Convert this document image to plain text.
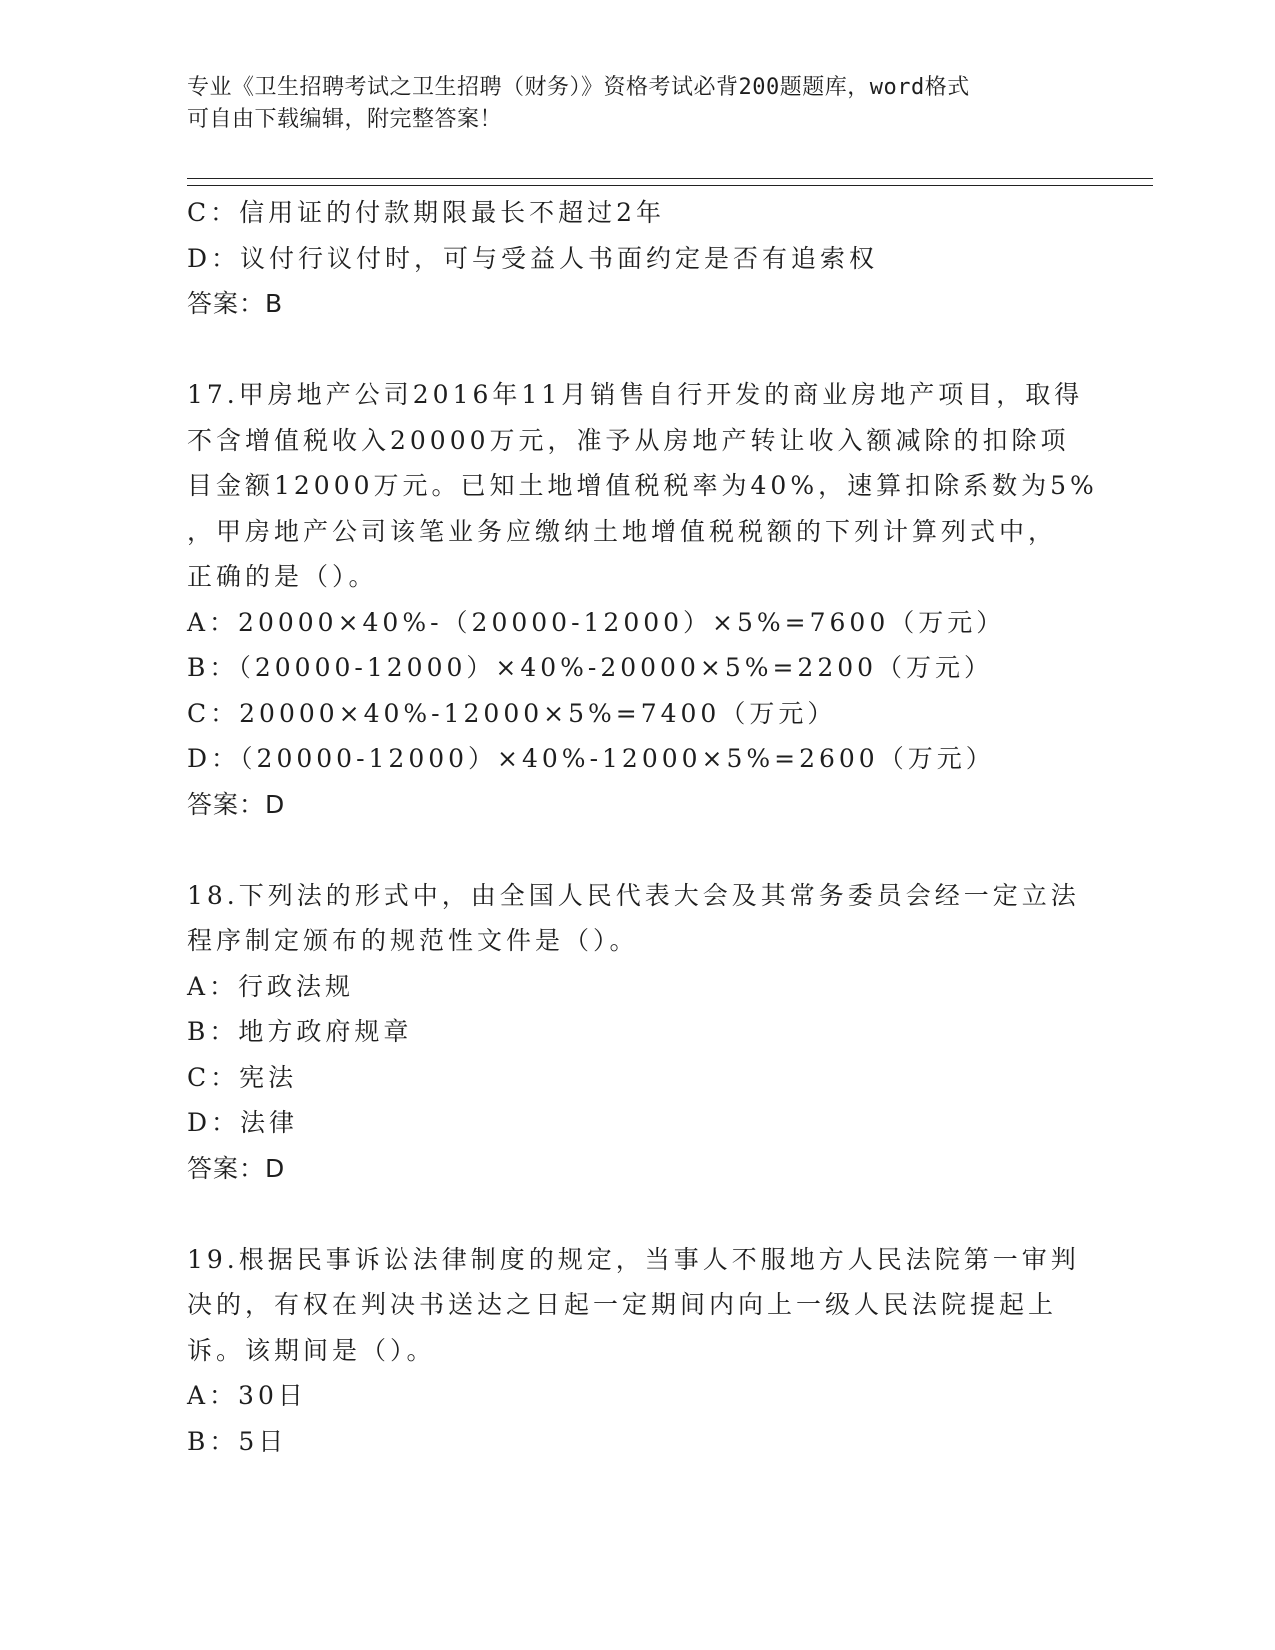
专业《卫生招聘考试之卫生招聘（财务）》资格考试必背200题题库，word格式
可自由下载编辑，附完整答案！
C：信用证的付款期限最长不超过2年
D：议付行议付时，可与受益人书面约定是否有追索权
答案：B
17.甲房地产公司2016年11月销售自行开发的商业房地产项目，取得
不含增值税收入20000万元，准予从房地产转让收入额减除的扣除项
目金额12000万元。已知土地增值税税率为40%，速算扣除系数为5%
，甲房地产公司该笔业务应缴纳土地增值税税额的下列计算列式中，
正确的是（）。
A：20000×40%-（20000-12000）×5%=7600（万元）
B：（20000-12000）×40%-20000×5%=2200（万元）
C：20000×40%-12000×5%=7400（万元）
D：（20000-12000）×40%-12000×5%=2600（万元）
答案：D
18.下列法的形式中，由全国人民代表大会及其常务委员会经一定立法
程序制定颁布的规范性文件是（）。
A：行政法规
B：地方政府规章
C：宪法
D：法律
答案：D
19.根据民事诉讼法律制度的规定，当事人不服地方人民法院第一审判
决的，有权在判决书送达之日起一定期间内向上一级人民法院提起上
诉。该期间是（）。
A：30日
B：5日
